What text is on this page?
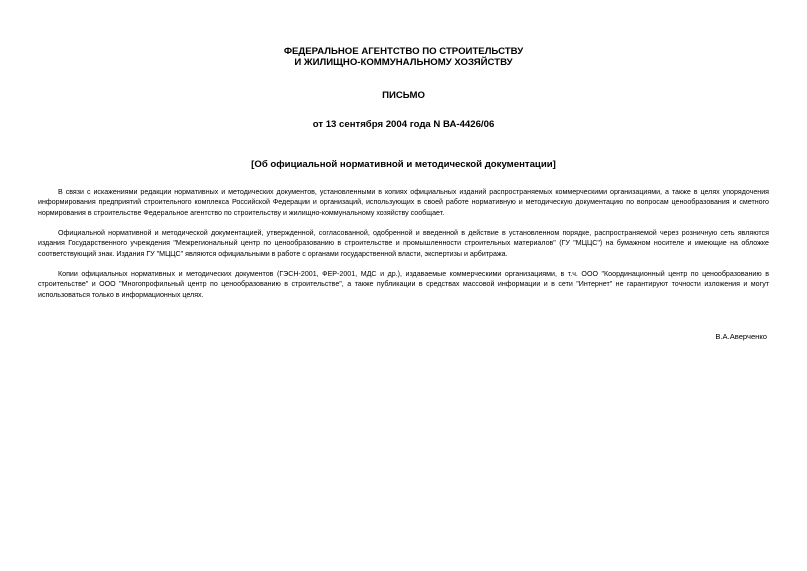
ФЕДЕРАЛЬНОЕ АГЕНТСТВО ПО СТРОИТЕЛЬСТВУ
И ЖИЛИЩНО-КОММУНАЛЬНОМУ ХОЗЯЙСТВУ
ПИСЬМО
от 13 сентября 2004 года N ВА-4426/06
[Об официальной нормативной и методической документации]

В связи с искажениями редакции нормативных и методических документов, установленными в копиях официальных изданий распространяемых коммерческими организациями, а также в целях упорядочения информирования предприятий строительного комплекса Российской Федерации и организаций, использующих в своей работе нормативную и методическую документацию по вопросам ценообразования и сметного нормирования в строительстве Федеральное агентство по строительству и жилищно-коммунальному хозяйству сообщает.

Официальной нормативной и методической документацией, утвержденной, согласованной, одобренной и введенной в действие в установленном порядке, распространяемой через розничную сеть являются издания Государственного учреждения "Межрегиональный центр по ценообразованию в строительстве и промышленности строительных материалов" (ГУ "МЦЦС") на бумажном носителе и имеющие на обложке соответствующий знак. Издания ГУ "МЦЦС" являются официальными в работе с органами государственной власти, экспертизы и арбитража.

Копии официальных нормативных и методических документов (ГЭСН-2001, ФЕР-2001, МДС и др.), издаваемые коммерческими организациями, в т.ч. ООО "Координационный центр по ценообразованию в строительстве" и ООО "Многопрофильный центр по ценообразованию в строительстве", а также публикации в средствах массовой информации и в сети "Интернет" не гарантируют точности изложения и могут использоваться только в информационных целях.

В.А.Аверченко
